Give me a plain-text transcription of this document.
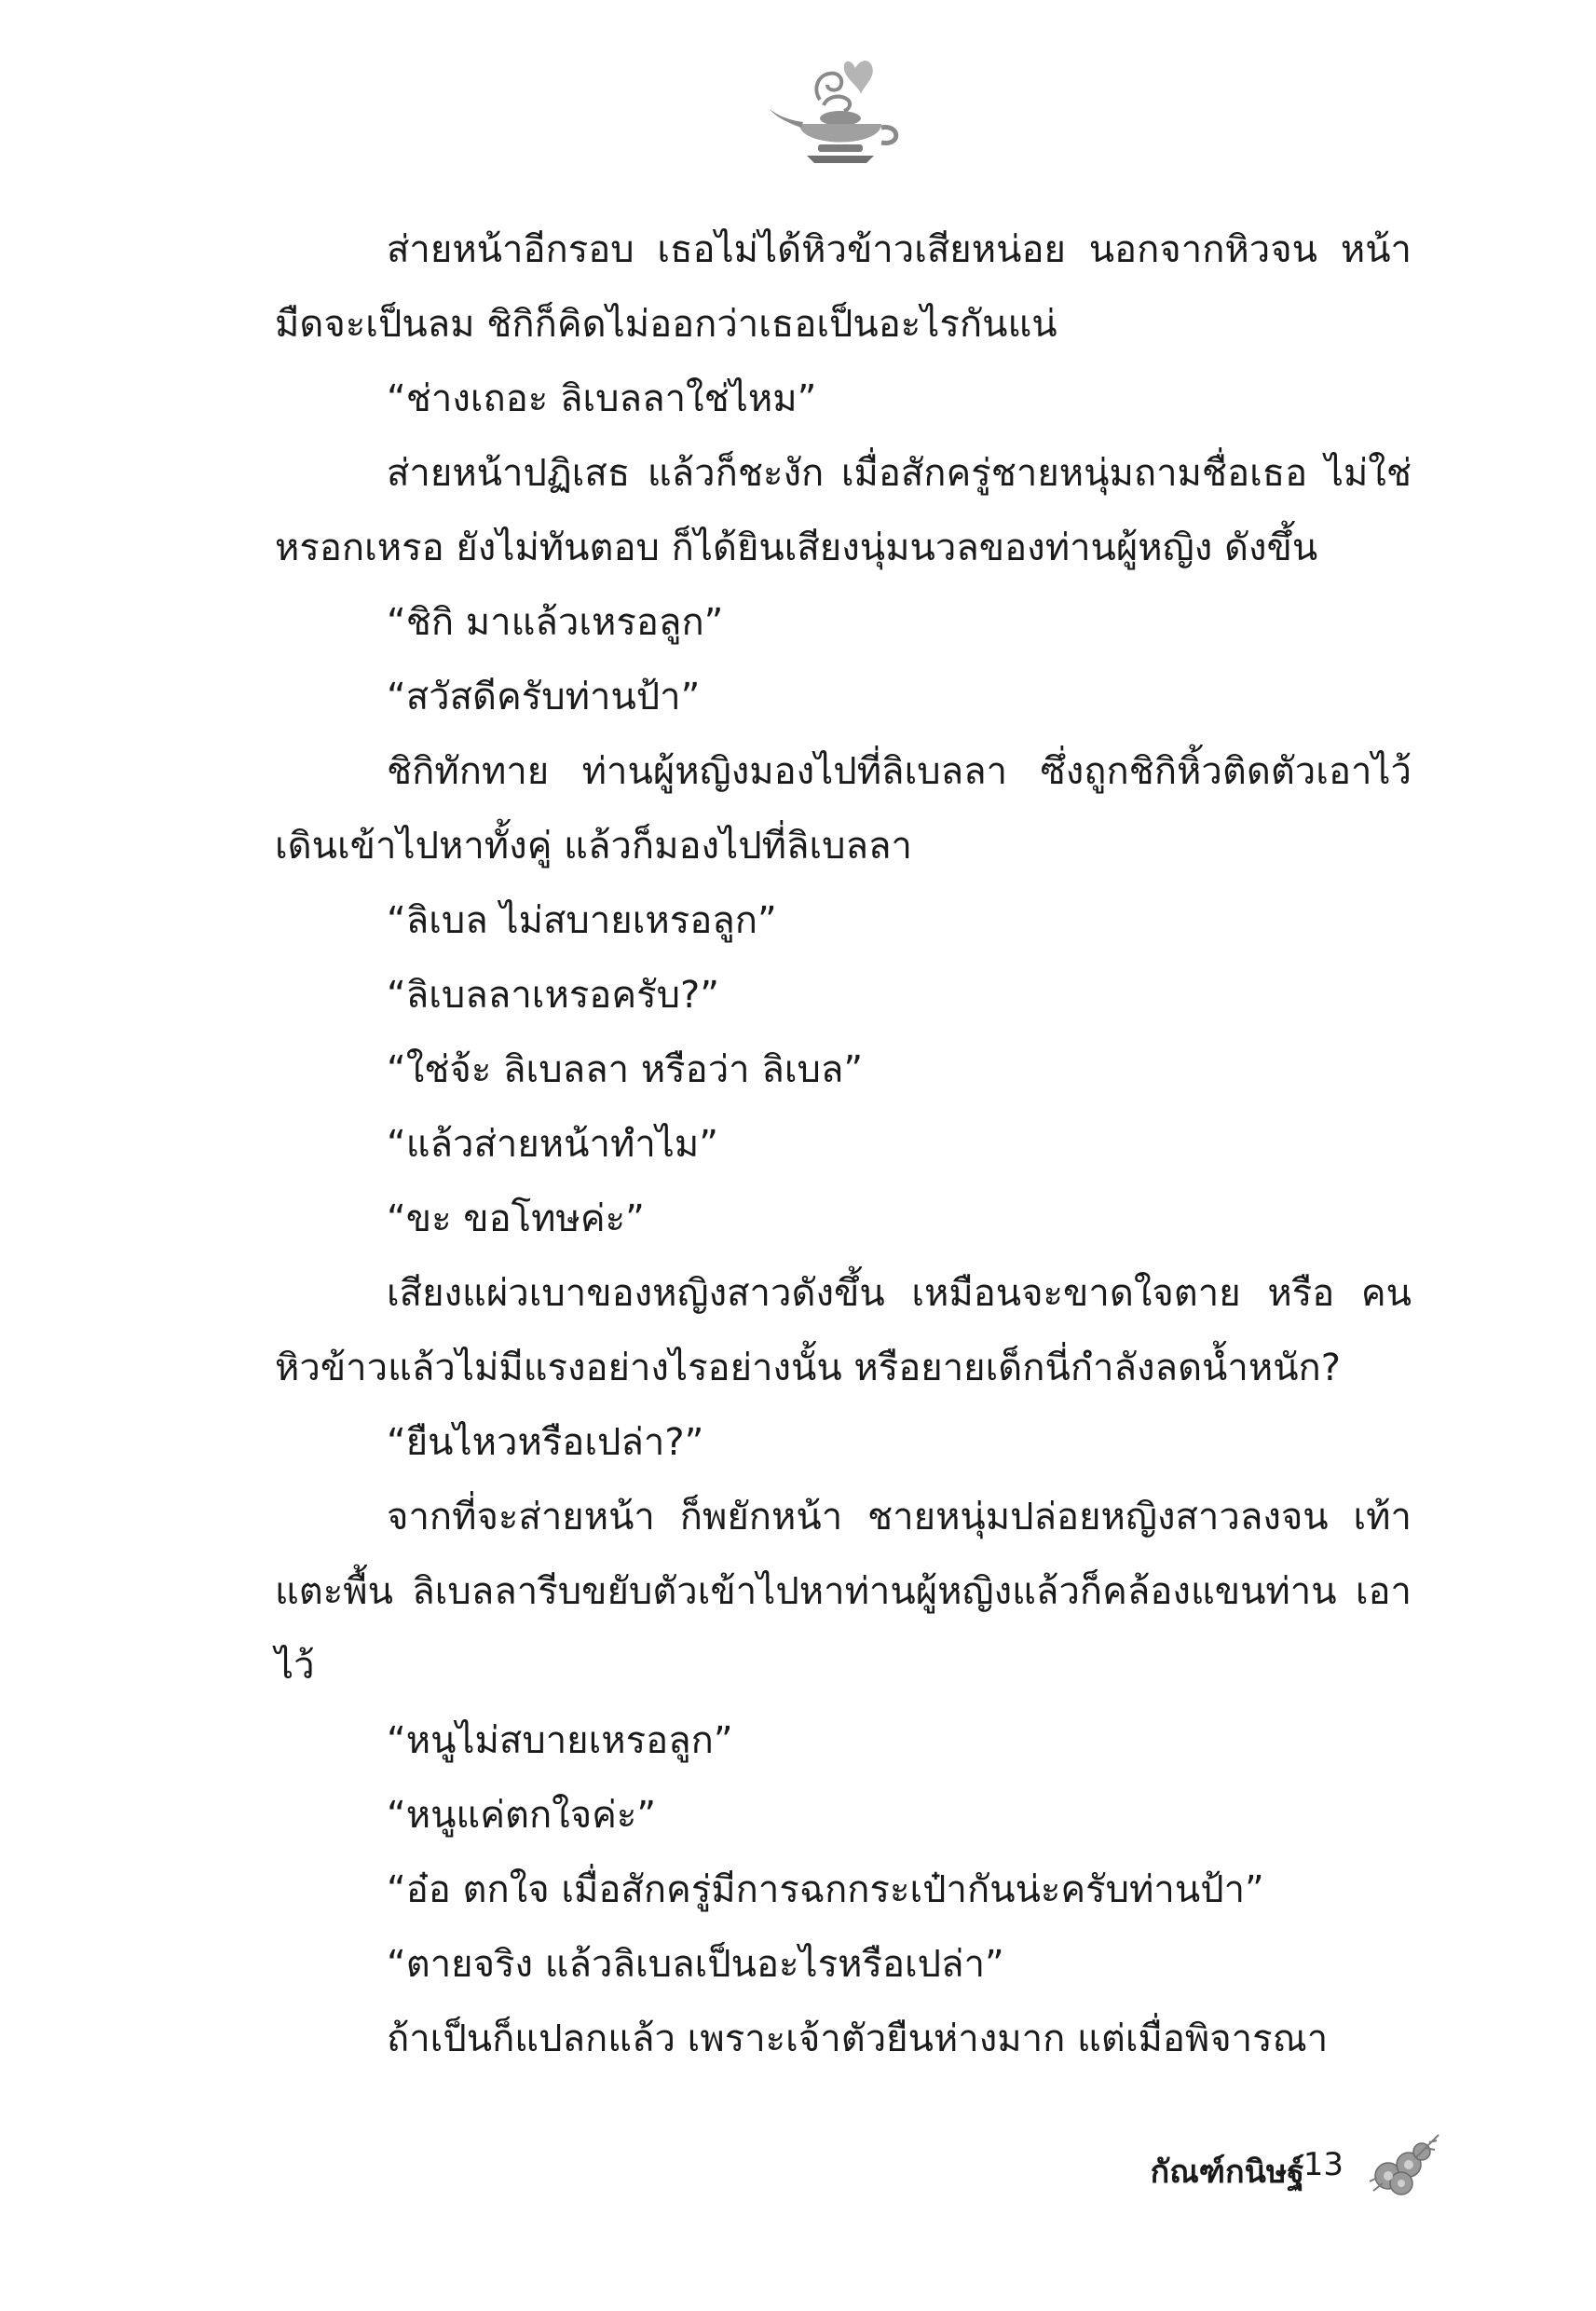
ส่ายหน้าอีกรอบ เธอไม่ได้หิวข้าวเสียหน่อย นอกจากหิวจน หน้ามืดจะเป็นลม ชิกิก็คิดไม่ออกว่าเธอเป็นอะไรกันแน่

“ช่างเถอะ ลิเบลลาใช่ไหม”

ส่ายหน้าปฏิเสธ แล้วก็ชะงัก เมื่อสักครู่ชายหนุ่มถามชื่อเธอ ไม่ใช่หรอกเหรอ ยังไม่ทันตอบ ก็ได้ยินเสียงนุ่มนวลของท่านผู้หญิง ดังขึ้น

“ชิกิ มาแล้วเหรอลูก”

“สวัสดีครับท่านป้า”

ชิกิทักทาย ท่านผู้หญิงมองไปที่ลิเบลลา ซึ่งถูกชิกิหิ้วติดตัวเอาไว้ เดินเข้าไปหาทั้งคู่ แล้วก็มองไปที่ลิเบลลา

“ลิเบล ไม่สบายเหรอลูก”

“ลิเบลลาเหรอครับ?”

“ใช่จ้ะ ลิเบลลา หรือว่า ลิเบล”

“แล้วส่ายหน้าทำไม”

“ขะ ขอโทษค่ะ”

เสียงแผ่วเบาของหญิงสาวดังขึ้น เหมือนจะขาดใจตาย หรือ คนหิวข้าวแล้วไม่มีแรงอย่างไรอย่างนั้น หรือยายเด็กนี่กำลังลดน้ำหนัก?

“ยืนไหวหรือเปล่า?”

จากที่จะส่ายหน้า ก็พยักหน้า ชายหนุ่มปล่อยหญิงสาวลงจน เท้าแตะพื้น ลิเบลลารีบขยับตัวเข้าไปหาท่านผู้หญิงแล้วก็คล้องแขนท่าน เอาไว้

“หนูไม่สบายเหรอลูก”

“หนูแค่ตกใจค่ะ”

“อ๋อ ตกใจ เมื่อสักครู่มีการฉกกระเป๋ากันน่ะครับท่านป้า”

“ตายจริง แล้วลิเบลเป็นอะไรหรือเปล่า”

ถ้าเป็นก็แปลกแล้ว เพราะเจ้าตัวยืนห่างมาก แต่เมื่อพิจารณา

กัณฑ์กนิษฐ์
13
